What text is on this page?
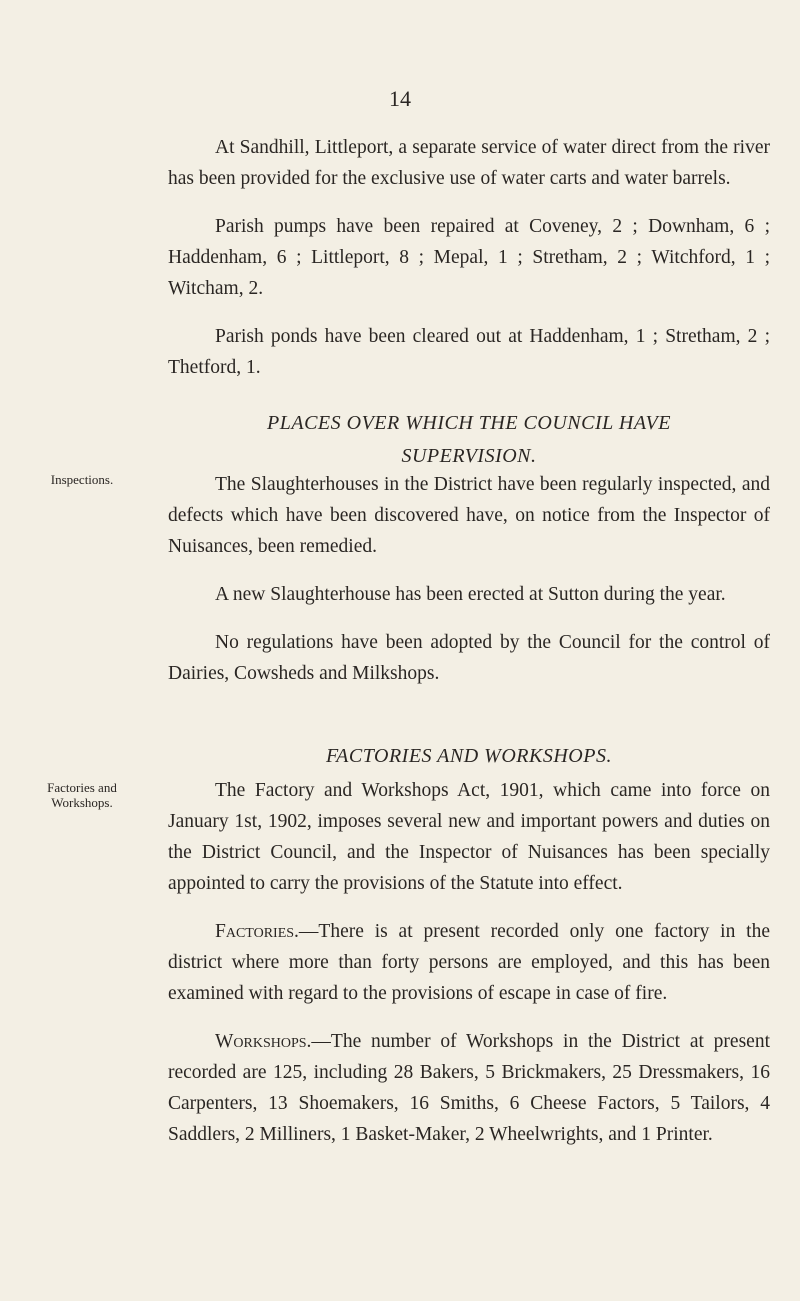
14

At Sandhill, Littleport, a separate service of water direct from the river has been provided for the exclusive use of water carts and water barrels.

Parish pumps have been repaired at Coveney, 2 ; Downham, 6 ; Haddenham, 6 ; Littleport, 8 ; Mepal, 1 ; Stretham, 2 ; Witchford, 1 ; Witcham, 2.

Parish ponds have been cleared out at Haddenham, 1 ; Stretham, 2 ; Thetford, 1.

PLACES OVER WHICH THE COUNCIL HAVE
SUPERVISION.
Inspections.	The Slaughterhouses in the District have been regularly inspected, and defects which have been discovered have, on notice from the Inspector of Nuisances, been remedied.

A new Slaughterhouse has been erected at Sutton during the year.

No regulations have been adopted by the Council for the control of Dairies, Cowsheds and Milkshops.

FACTORIES AND WORKSHOPS.
Factories and
Workshops.

The Factory and Workshops Act, 1901, which came into force on January 1st, 1902, imposes several new and important powers and duties on the District Council, and the Inspector of Nuisances has been specially appointed to carry the provisions of the Statute into effect.

Factories.—There is at present recorded only one factory in the district where more than forty persons are employed, and this has been examined with regard to the provisions of escape in case of fire.

Workshops.—The number of Workshops in the District at present recorded are 125, including 28 Bakers, 5 Brickmakers, 25 Dressmakers, 16 Carpenters, 13 Shoemakers, 16 Smiths, 6 Cheese Factors, 5 Tailors, 4 Saddlers, 2 Milliners, 1 Basket-Maker, 2 Wheelwrights, and 1 Printer.
